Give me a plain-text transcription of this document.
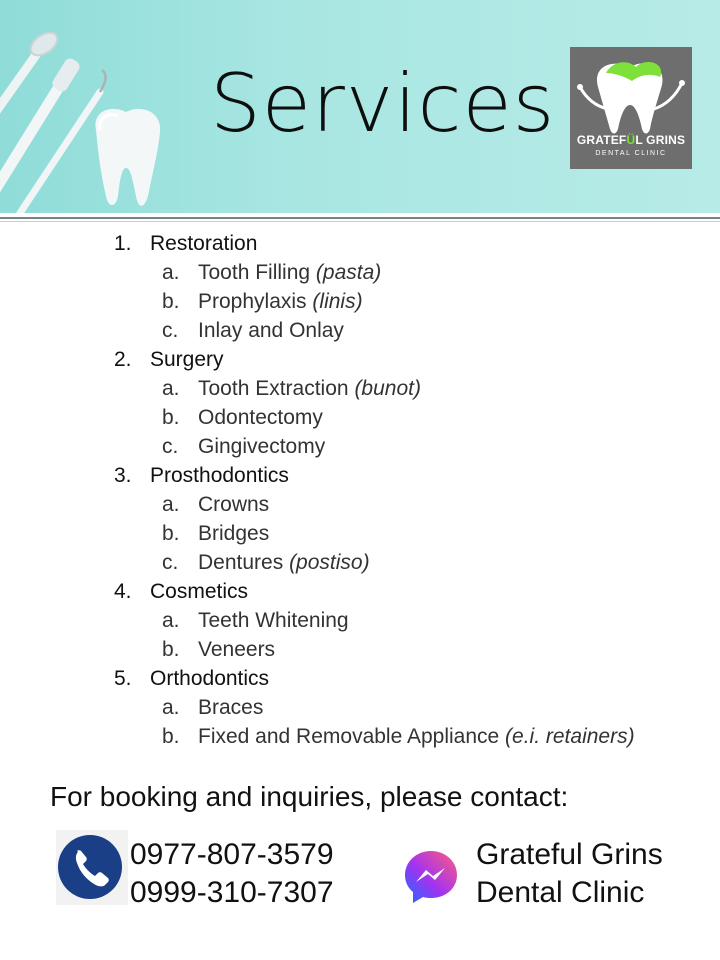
Services	GRATEFÜL GRINS
DENTAL CLINIC
1. Restoration
a. Tooth Filling (pasta)
b. Prophylaxis (linis)
c. Inlay and Onlay
2. Surgery
a. Tooth Extraction (bunot)
b. Odontectomy
c. Gingivectomy
3. Prosthodontics
a. Crowns
b. Bridges
c. Dentures (postiso)
4. Cosmetics
a. Teeth Whitening
b. Veneers
5. Orthodontics
a. Braces
b. Fixed and Removable Appliance (e.i. retainers)
For booking and inquiries, please contact:
0977-807-3579
0999-310-7307
Grateful Grins
Dental Clinic
